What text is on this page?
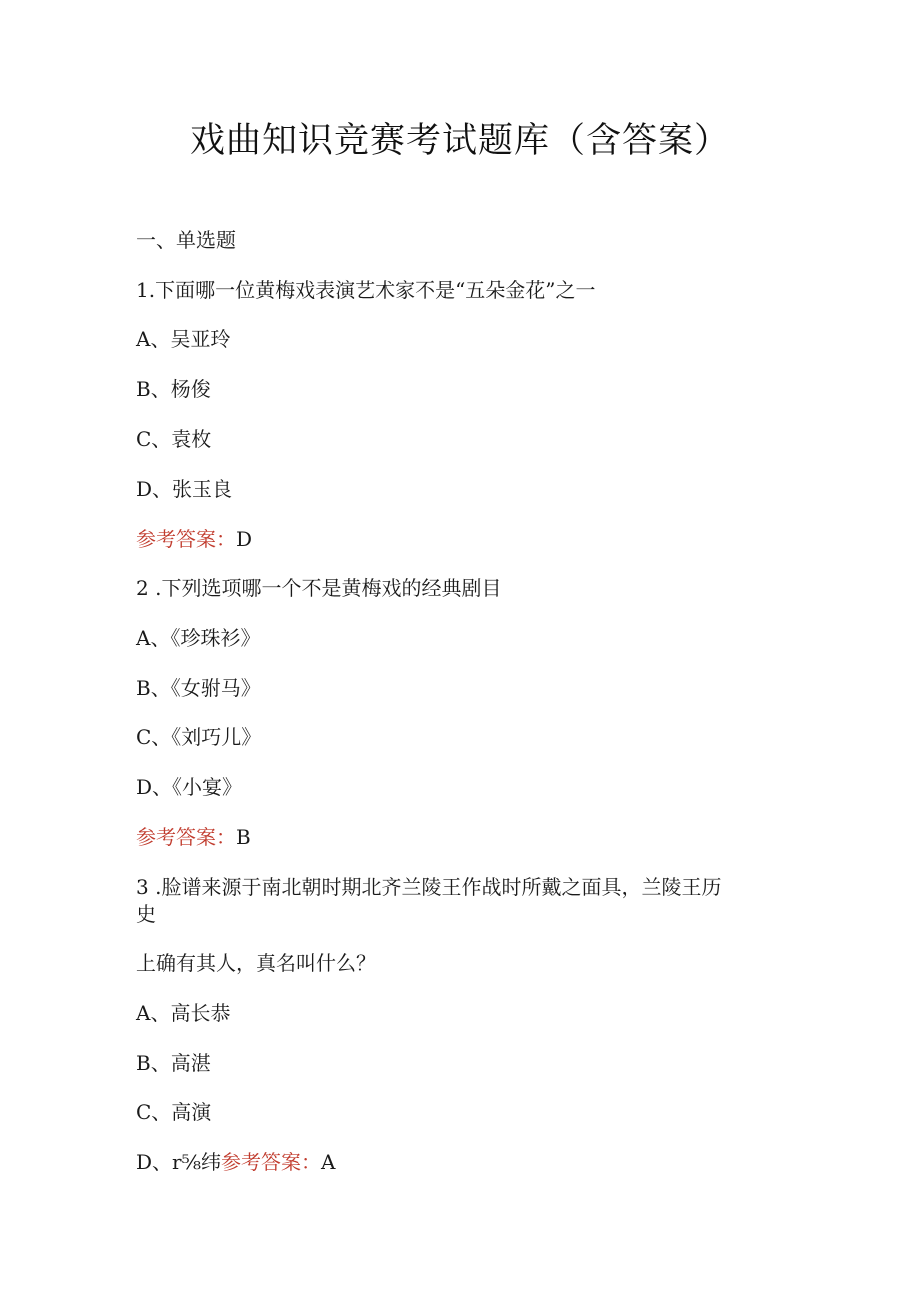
戏曲知识竞赛考试题库（含答案）
一、单选题
1.下面哪一位黄梅戏表演艺术家不是“五朵金花”之一
A、吴亚玲
B、杨俊
C、袁枚
D、张玉良
参考答案：D
2 .下列选项哪一个不是黄梅戏的经典剧目
A、《珍珠衫》
B、《女驸马》
C、《刘巧儿》
D、《小宴》
参考答案：B
3 .脸谱来源于南北朝时期北齐兰陵王作战时所戴之面具，兰陵王历
史
上确有其人，真名叫什么？
A、高长恭
B、高湛
C、高演
D、r⅝纬参考答案：A
